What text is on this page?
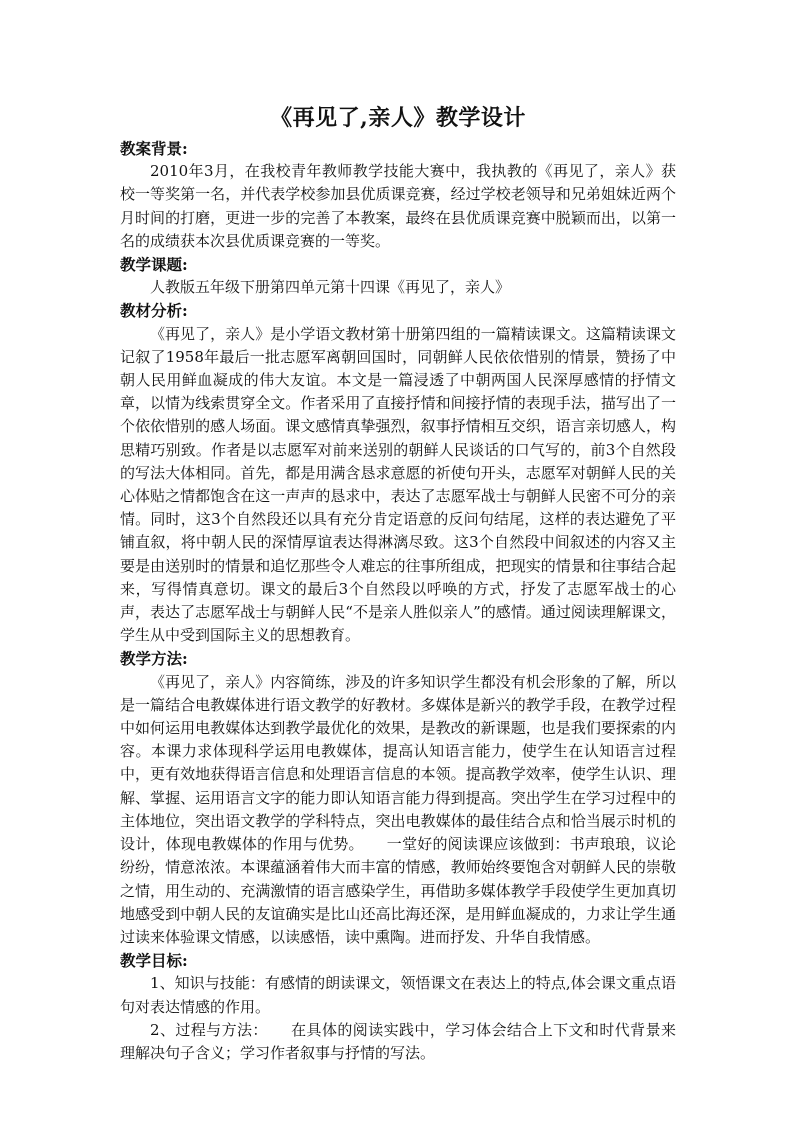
《再见了,亲人》教学设计
教案背景:

2010年3月，在我校青年教师教学技能大赛中，我执教的《再见了，亲人》获校一等奖第一名，并代表学校参加县优质课竞赛，经过学校老领导和兄弟姐妹近两个月时间的打磨，更进一步的完善了本教案，最终在县优质课竞赛中脱颖而出，以第一名的成绩获本次县优质课竞赛的一等奖。

教学课题:

人教版五年级下册第四单元第十四课《再见了，亲人》

教材分析:

《再见了，亲人》是小学语文教材第十册第四组的一篇精读课文。这篇精读课文记叙了1958年最后一批志愿军离朝回国时，同朝鲜人民依依惜别的情景，赞扬了中朝人民用鲜血凝成的伟大友谊。本文是一篇浸透了中朝两国人民深厚感情的抒情文章，以情为线索贯穿全文。作者采用了直接抒情和间接抒情的表现手法，描写出了一个依依惜别的感人场面。课文感情真挚强烈，叙事抒情相互交织，语言亲切感人，构思精巧别致。作者是以志愿军对前来送别的朝鲜人民谈话的口气写的，前3个自然段的写法大体相同。首先，都是用满含恳求意愿的祈使句开头，志愿军对朝鲜人民的关心体贴之情都饱含在这一声声的恳求中，表达了志愿军战士与朝鲜人民密不可分的亲情。同时，这3个自然段还以具有充分肯定语意的反问句结尾，这样的表达避免了平铺直叙，将中朝人民的深情厚谊表达得淋漓尽致。这3个自然段中间叙述的内容又主要是由送别时的情景和追忆那些令人难忘的往事所组成，把现实的情景和往事结合起来，写得情真意切。课文的最后3个自然段以呼唤的方式，抒发了志愿军战士的心声，表达了志愿军战士与朝鲜人民“不是亲人胜似亲人”的感情。通过阅读理解课文，学生从中受到国际主义的思想教育。

教学方法:

《再见了，亲人》内容简练，涉及的许多知识学生都没有机会形象的了解，所以是一篇结合电教媒体进行语文教学的好教材。多媒体是新兴的教学手段，在教学过程中如何运用电教媒体达到教学最优化的效果，是教改的新课题，也是我们要探索的内容。本课力求体现科学运用电教媒体，提高认知语言能力，使学生在认知语言过程中，更有效地获得语言信息和处理语言信息的本领。提高教学效率，使学生认识、理解、掌握、运用语言文字的能力即认知语言能力得到提高。突出学生在学习过程中的主体地位，突出语文教学的学科特点，突出电教媒体的最佳结合点和恰当展示时机的设计，体现电教媒体的作用与优势。　　一堂好的阅读课应该做到：书声琅琅，议论纷纷，情意浓浓。本课蕴涵着伟大而丰富的情感，教师始终要饱含对朝鲜人民的崇敬之情，用生动的、充满激情的语言感染学生，再借助多媒体教学手段使学生更加真切地感受到中朝人民的友谊确实是比山还高比海还深，是用鲜血凝成的，力求让学生通过读来体验课文情感，以读感悟，读中熏陶。进而抒发、升华自我情感。

教学目标:

1、知识与技能：有感情的朗读课文，领悟课文在表达上的特点,体会课文重点语句对表达情感的作用。

2、过程与方法：　　在具体的阅读实践中，学习体会结合上下文和时代背景来理解决句子含义；学习作者叙事与抒情的写法。
